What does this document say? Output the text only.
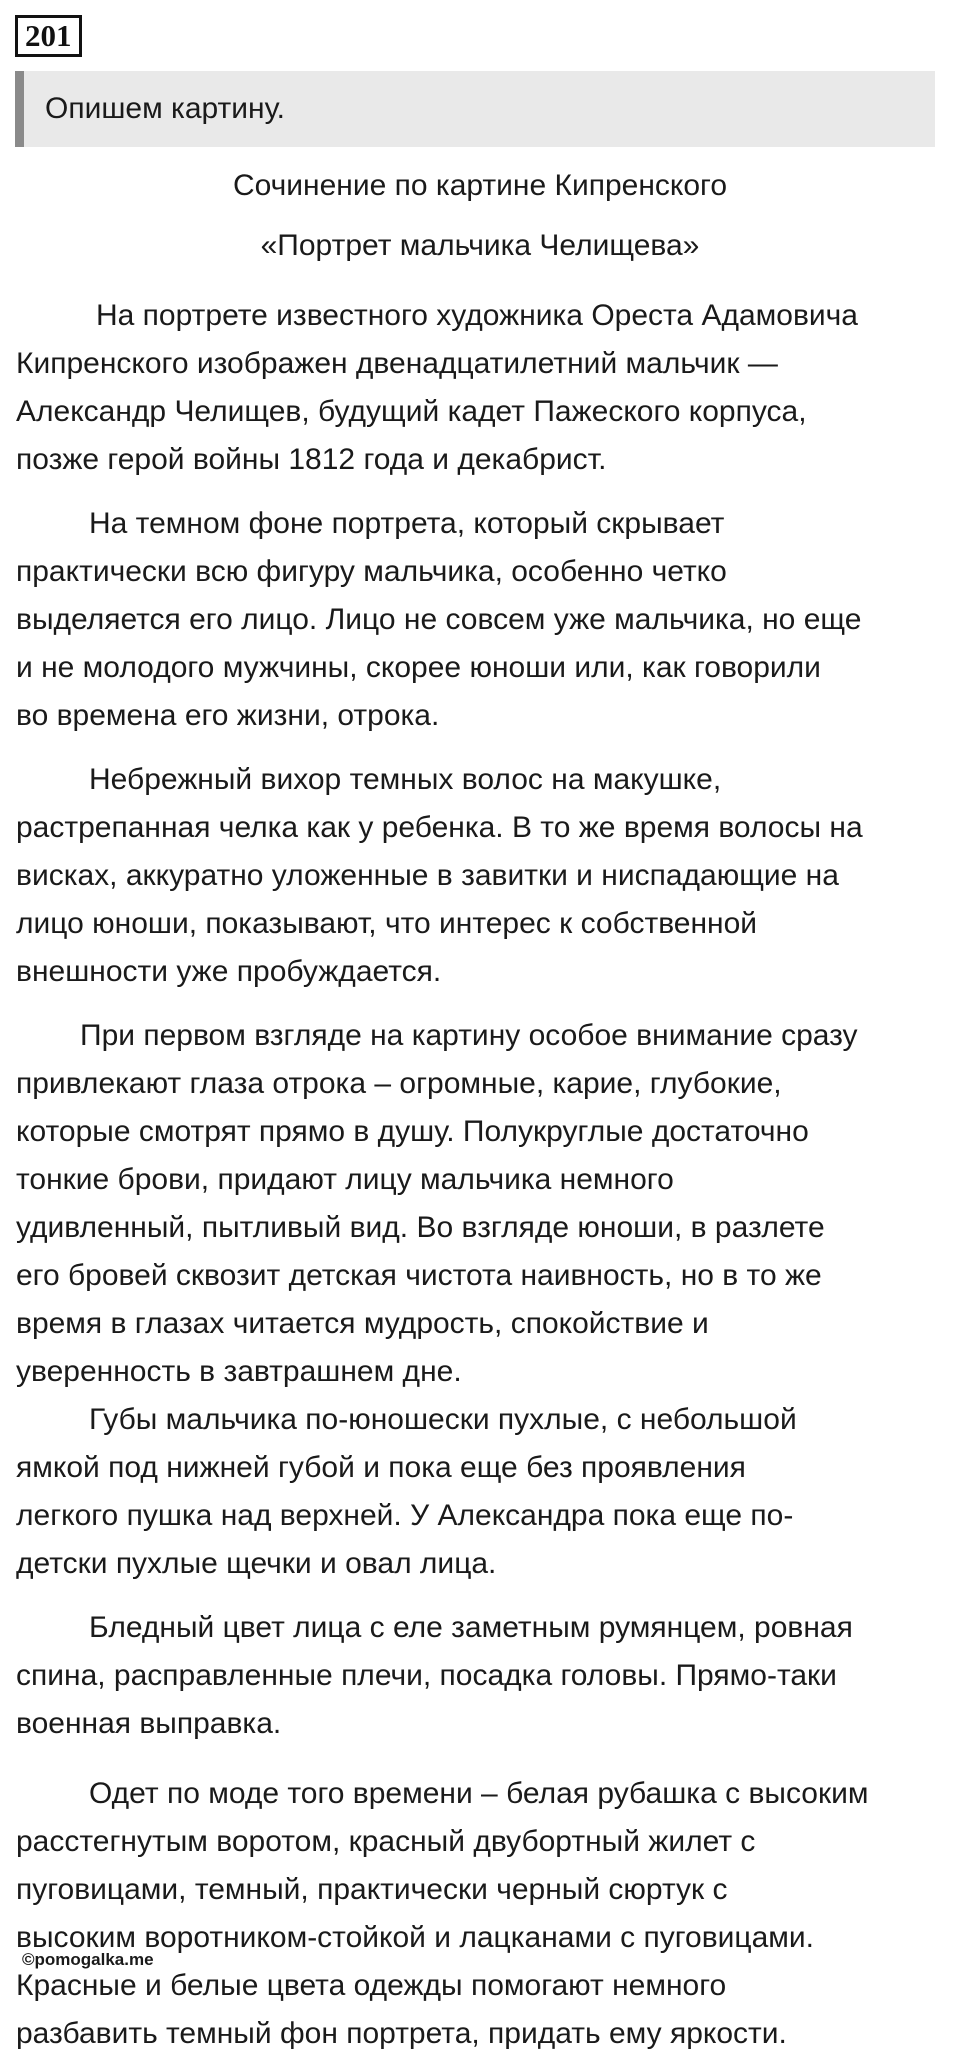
201
Опишем картину.
Сочинение по картине Кипренского
«Портрет мальчика Челищева»
На портрете известного художника Ореста Адамовича
Кипренского изображен двенадцатилетний мальчик —
Александр Челищев, будущий кадет Пажеского корпуса,
позже герой войны 1812 года и декабрист.
На темном фоне портрета, который скрывает
практически всю фигуру мальчика, особенно четко
выделяется его лицо. Лицо не совсем уже мальчика, но еще
и не молодого мужчины, скорее юноши или, как говорили
во времена его жизни, отрока.
Небрежный вихор темных волос на макушке,
растрепанная челка как у ребенка. В то же время волосы на
висках, аккуратно уложенные в завитки и ниспадающие на
лицо юноши, показывают, что интерес к собственной
внешности уже пробуждается.
При первом взгляде на картину особое внимание сразу
привлекают глаза отрока – огромные, карие, глубокие,
которые смотрят прямо в душу. Полукруглые достаточно
тонкие брови, придают лицу мальчика немного
удивленный, пытливый вид. Во взгляде юноши, в разлете
его бровей сквозит детская чистота наивность, но в то же
время в глазах читается мудрость, спокойствие и
уверенность в завтрашнем дне.
Губы мальчика по-юношески пухлые, с небольшой
ямкой под нижней губой и пока еще без проявления
легкого пушка над верхней. У Александра пока еще по-
детски пухлые щечки и овал лица.
Бледный цвет лица с еле заметным румянцем, ровная
спина, расправленные плечи, посадка головы. Прямо-таки
военная выправка.
Одет по моде того времени – белая рубашка с высоким
расстегнутым воротом, красный двубортный жилет с
пуговицами, темный, практически черный сюртук с
высоким воротником-стойкой и лацканами с пуговицами.
Красные и белые цвета одежды помогают немного
разбавить темный фон портрета, придать ему яркости.
©pomogalka.me
